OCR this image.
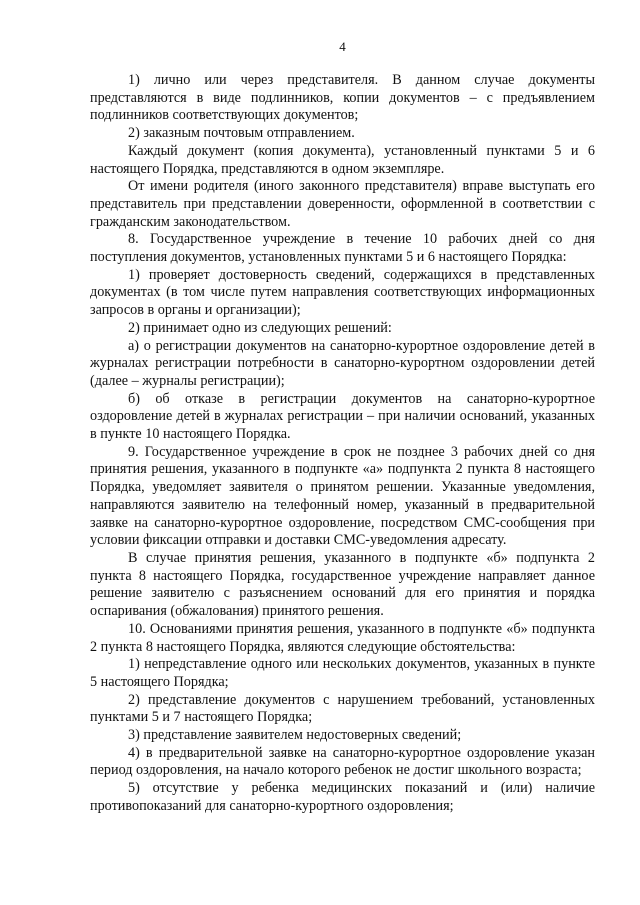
4

1) лично или через представителя. В данном случае документы представляются в виде подлинников, копии документов – с предъявлением подлинников соответствующих документов;

2) заказным почтовым отправлением.

Каждый документ (копия документа), установленный пунктами 5 и 6 настоящего Порядка, представляются в одном экземпляре.

От имени родителя (иного законного представителя) вправе выступать его представитель при представлении доверенности, оформленной в соответствии с гражданским законодательством.

8. Государственное учреждение в течение 10 рабочих дней со дня поступления документов, установленных пунктами 5 и 6 настоящего Порядка:

1) проверяет достоверность сведений, содержащихся в представленных документах (в том числе путем направления соответствующих информационных запросов в органы и организации);

2) принимает одно из следующих решений:

а) о регистрации документов на санаторно-курортное оздоровление детей в журналах регистрации потребности в санаторно-курортном оздоровлении детей (далее – журналы регистрации);

б) об отказе в регистрации документов на санаторно-курортное оздоровление детей в журналах регистрации – при наличии оснований, указанных в пункте 10 настоящего Порядка.

9. Государственное учреждение в срок не позднее 3 рабочих дней со дня принятия решения, указанного в подпункте «а» подпункта 2 пункта 8 настоящего Порядка, уведомляет заявителя о принятом решении. Указанные уведомления, направляются заявителю на телефонный номер, указанный в предварительной заявке на санаторно-курортное оздоровление, посредством СМС-сообщения при условии фиксации отправки и доставки СМС-уведомления адресату.

В случае принятия решения, указанного в подпункте «б» подпункта 2 пункта 8 настоящего Порядка, государственное учреждение направляет данное решение заявителю с разъяснением оснований для его принятия и порядка оспаривания (обжалования) принятого решения.

10. Основаниями принятия решения, указанного в подпункте «б» подпункта 2 пункта 8 настоящего Порядка, являются следующие обстоятельства:

1) непредставление одного или нескольких документов, указанных в пункте 5 настоящего Порядка;

2) представление документов с нарушением требований, установленных пунктами 5 и 7 настоящего Порядка;

3) представление заявителем недостоверных сведений;

4) в предварительной заявке на санаторно-курортное оздоровление указан период оздоровления, на начало которого ребенок не достиг школьного возраста;

5) отсутствие у ребенка медицинских показаний и (или) наличие противопоказаний для санаторно-курортного оздоровления;
